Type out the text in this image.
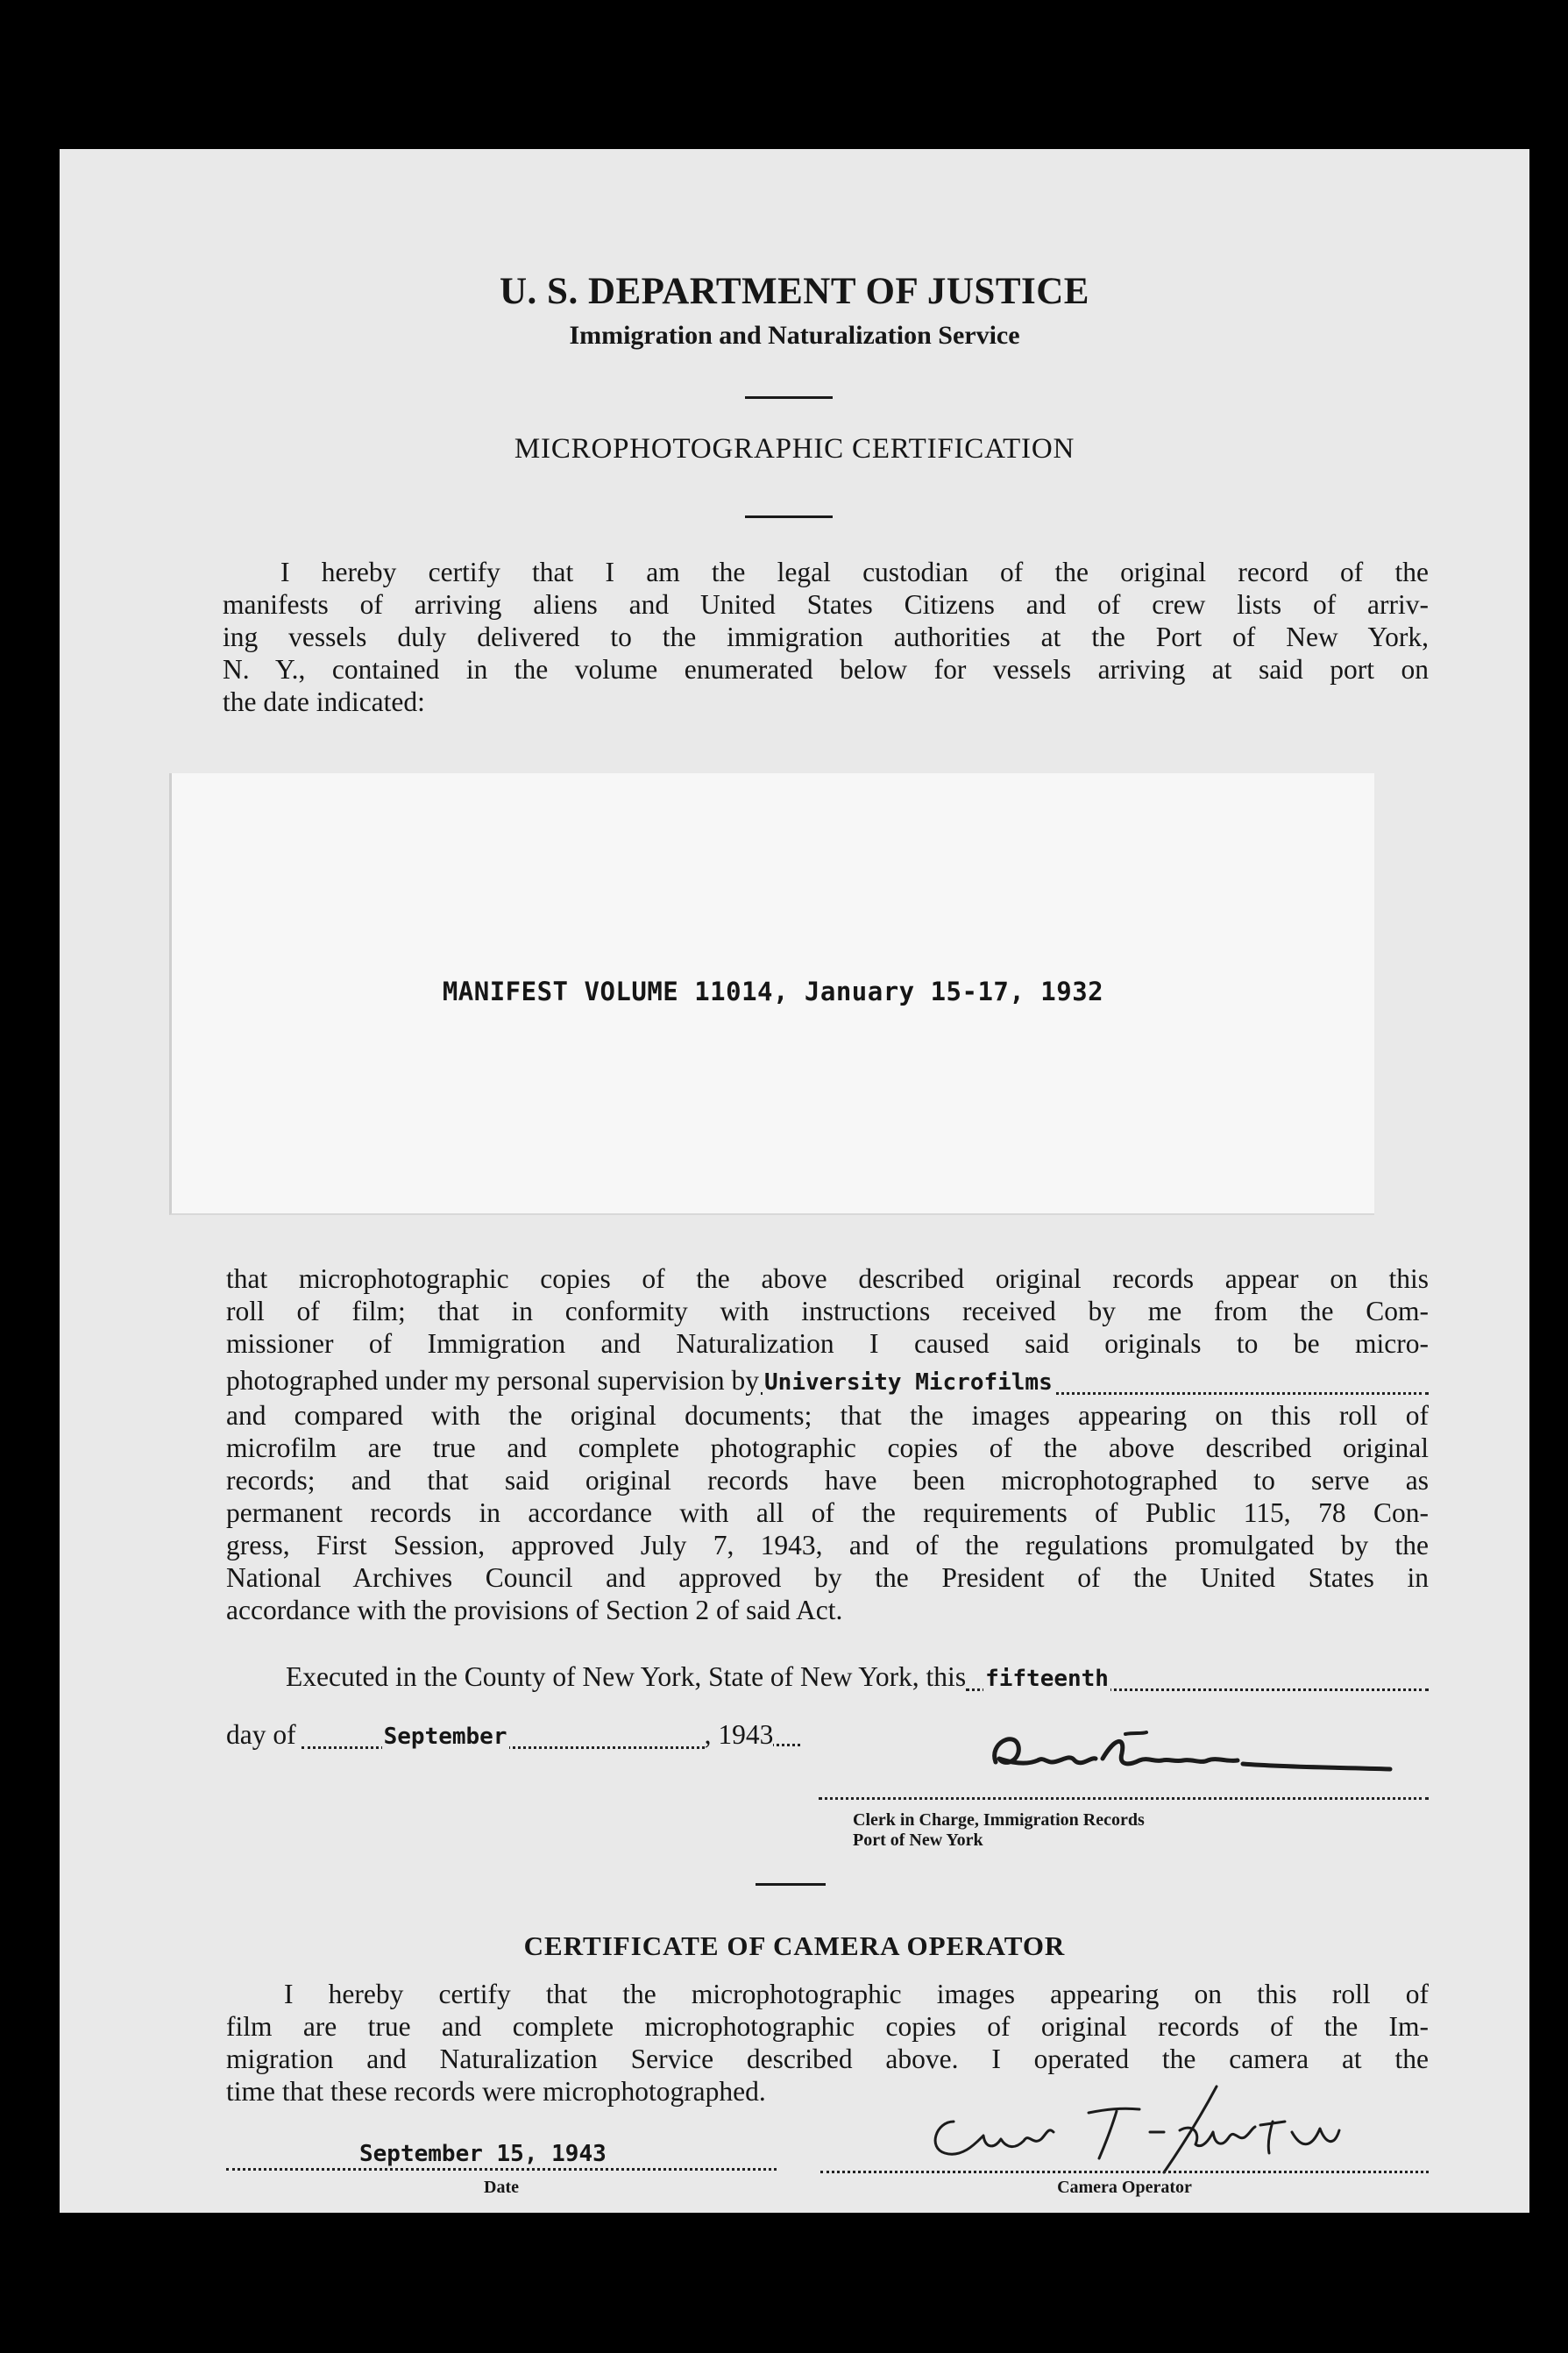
U. S. DEPARTMENT OF JUSTICE
Immigration and Naturalization Service
MICROPHOTOGRAPHIC CERTIFICATION
I hereby certify that I am the legal custodian of the original record of the
manifests of arriving aliens and United States Citizens and of crew lists of arriv-
ing vessels duly delivered to the immigration authorities at the Port of New York,
N. Y., contained in the volume enumerated below for vessels arriving at said port on
the date indicated:
MANIFEST VOLUME 11014, January 15-17, 1932
that microphotographic copies of the above described original records appear on this
roll of film; that in conformity with instructions received by me from the Com-
missioner of Immigration and Naturalization I caused said originals to be micro-
photographed under my personal supervision by University Microfilms
and compared with the original documents; that the images appearing on this roll of
microfilm are true and complete photographic copies of the above described original
records; and that said original records have been microphotographed to serve as
permanent records in accordance with all of the requirements of Public 115, 78 Con-
gress, First Session, approved July 7, 1943, and of the regulations promulgated by the
National Archives Council and approved by the President of the United States in
accordance with the provisions of Section 2 of said Act.
Executed in the County of New York, State of New York, this fifteenth
day of	September	, 194 3
Clerk in Charge, Immigration Records
Port of New York
CERTIFICATE OF CAMERA OPERATOR
I hereby certify that the microphotographic images appearing on this roll of
film are true and complete microphotographic copies of original records of the Im-
migration and Naturalization Service described above. I operated the camera at the
time that these records were microphotographed.
September 15, 1943
Date	Camera Operator
